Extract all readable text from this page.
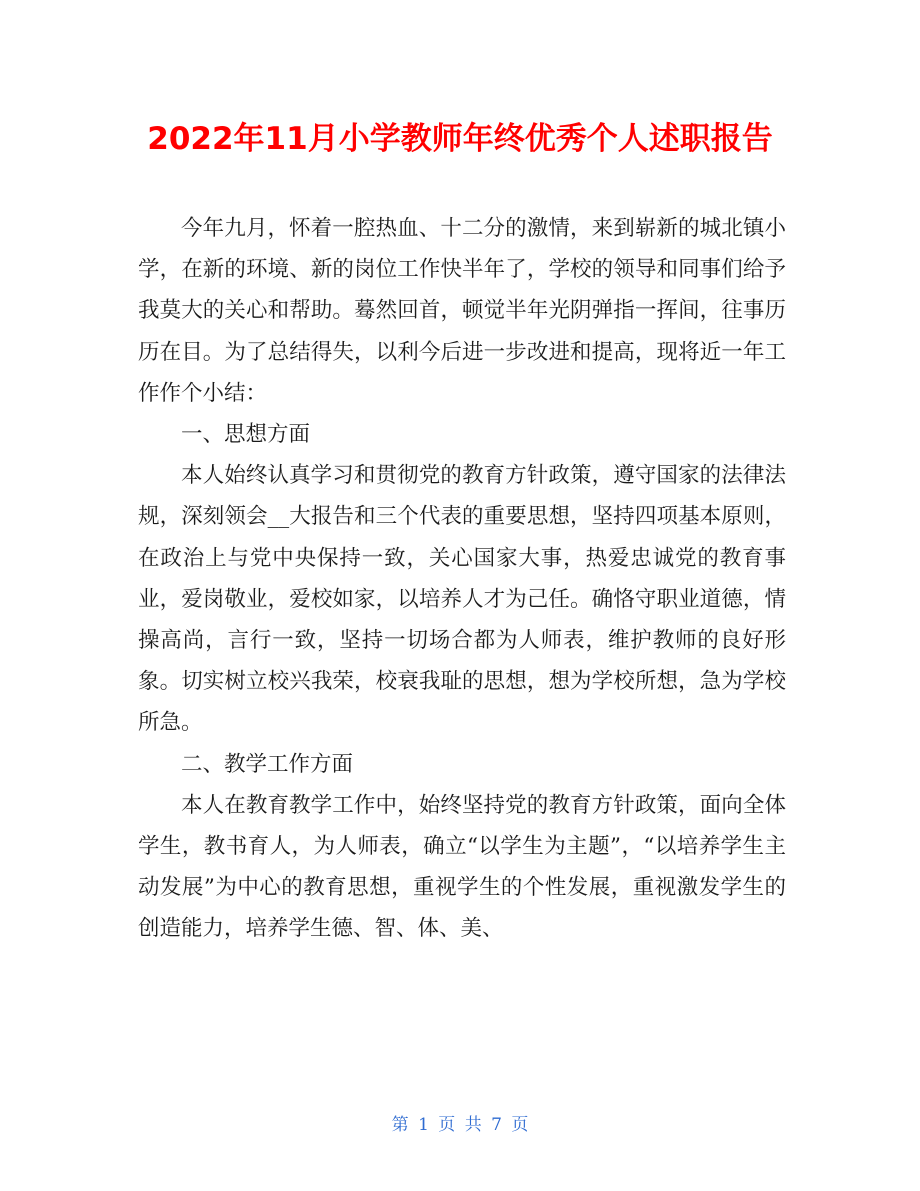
2022年11月小学教师年终优秀个人述职报告

今年九月，怀着一腔热血、十二分的激情，来到崭新的城北镇小学，在新的环境、新的岗位工作快半年了，学校的领导和同事们给予我莫大的关心和帮助。蓦然回首，顿觉半年光阴弹指一挥间，往事历历在目。为了总结得失，以利今后进一步改进和提高，现将近一年工作作个小结：

一、思想方面

本人始终认真学习和贯彻党的教育方针政策，遵守国家的法律法规，深刻领会__大报告和三个代表的重要思想，坚持四项基本原则，在政治上与党中央保持一致，关心国家大事，热爱忠诚党的教育事业，爱岗敬业，爱校如家，以培养人才为己任。确恪守职业道德，情操高尚，言行一致，坚持一切场合都为人师表，维护教师的良好形象。切实树立校兴我荣，校衰我耻的思想，想为学校所想，急为学校所急。

二、教学工作方面

本人在教育教学工作中，始终坚持党的教育方针政策，面向全体学生，教书育人，为人师表，确立“以学生为主题”，“以培养学生主动发展”为中心的教育思想，重视学生的个性发展，重视激发学生的创造能力，培养学生德、智、体、美、

第 1 页 共 7 页
